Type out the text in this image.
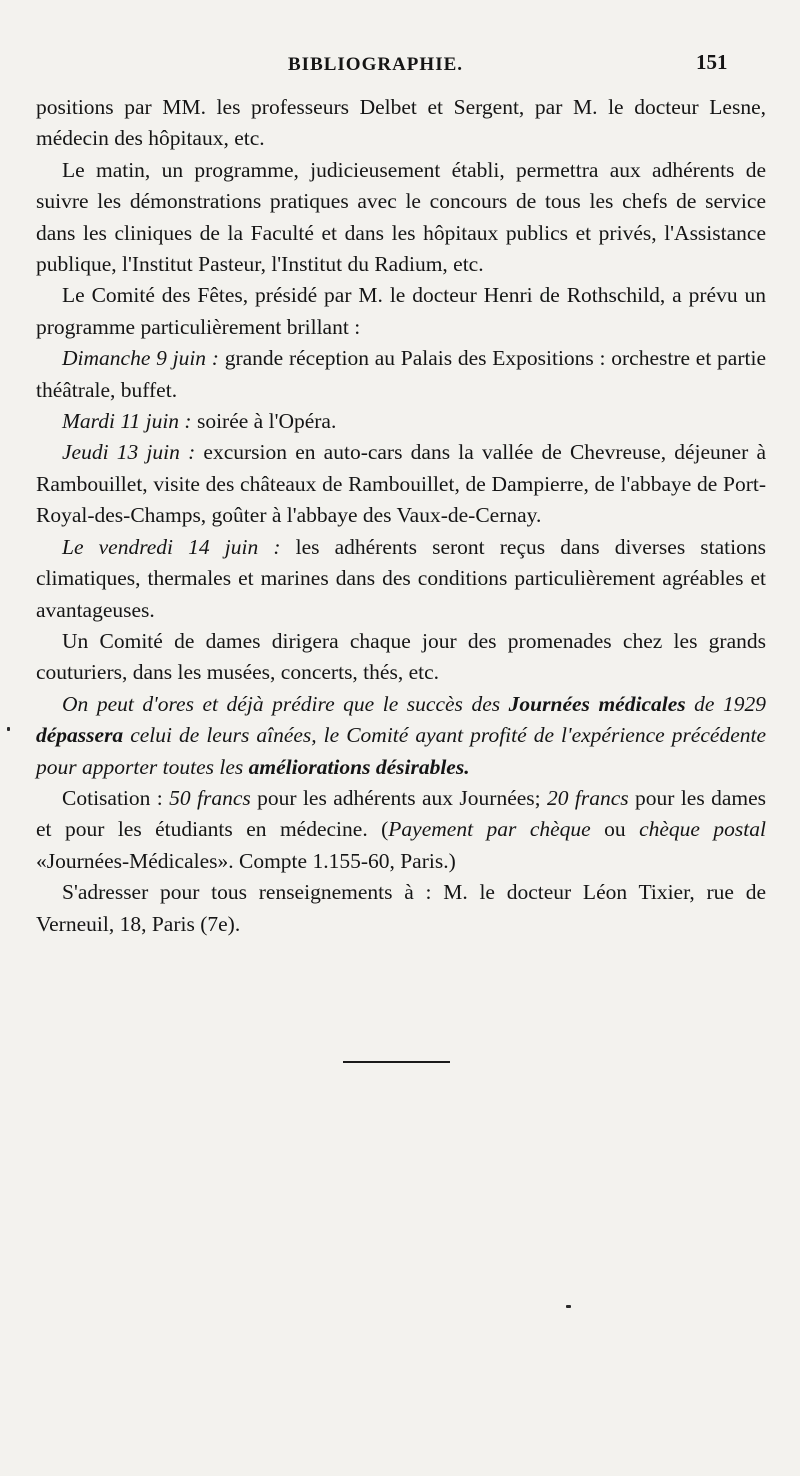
BIBLIOGRAPHIE.	151

positions par MM. les professeurs Delbet et Sergent, par M. le docteur Lesne, médecin des hôpitaux, etc.

Le matin, un programme, judicieusement établi, permettra aux adhérents de suivre les démonstrations pratiques avec le concours de tous les chefs de service dans les cliniques de la Faculté et dans les hôpitaux publics et privés, l'Assistance publique, l'Institut Pasteur, l'Institut du Radium, etc.

Le Comité des Fêtes, présidé par M. le docteur Henri de Rothschild, a prévu un programme particulièrement brillant :

Dimanche 9 juin : grande réception au Palais des Expositions : orchestre et partie théâtrale, buffet.

Mardi 11 juin : soirée à l'Opéra.

Jeudi 13 juin : excursion en auto-cars dans la vallée de Chevreuse, déjeuner à Rambouillet, visite des châteaux de Rambouillet, de Dampierre, de l'abbaye de Port-Royal-des-Champs, goûter à l'abbaye des Vaux-de-Cernay.

Le vendredi 14 juin : les adhérents seront reçus dans diverses stations climatiques, thermales et marines dans des conditions particulièrement agréables et avantageuses.

Un Comité de dames dirigera chaque jour des promenades chez les grands couturiers, dans les musées, concerts, thés, etc.

On peut d'ores et déjà prédire que le succès des Journées médicales de 1929 dépassera celui de leurs aînées, le Comité ayant profité de l'expérience précédente pour apporter toutes les améliorations désirables.

Cotisation : 50 francs pour les adhérents aux Journées; 20 francs pour les dames et pour les étudiants en médecine. (Payement par chèque ou chèque postal «Journées-Médicales». Compte 1.155-60, Paris.)

S'adresser pour tous renseignements à : M. le docteur Léon Tixier, rue de Verneuil, 18, Paris (7e).
